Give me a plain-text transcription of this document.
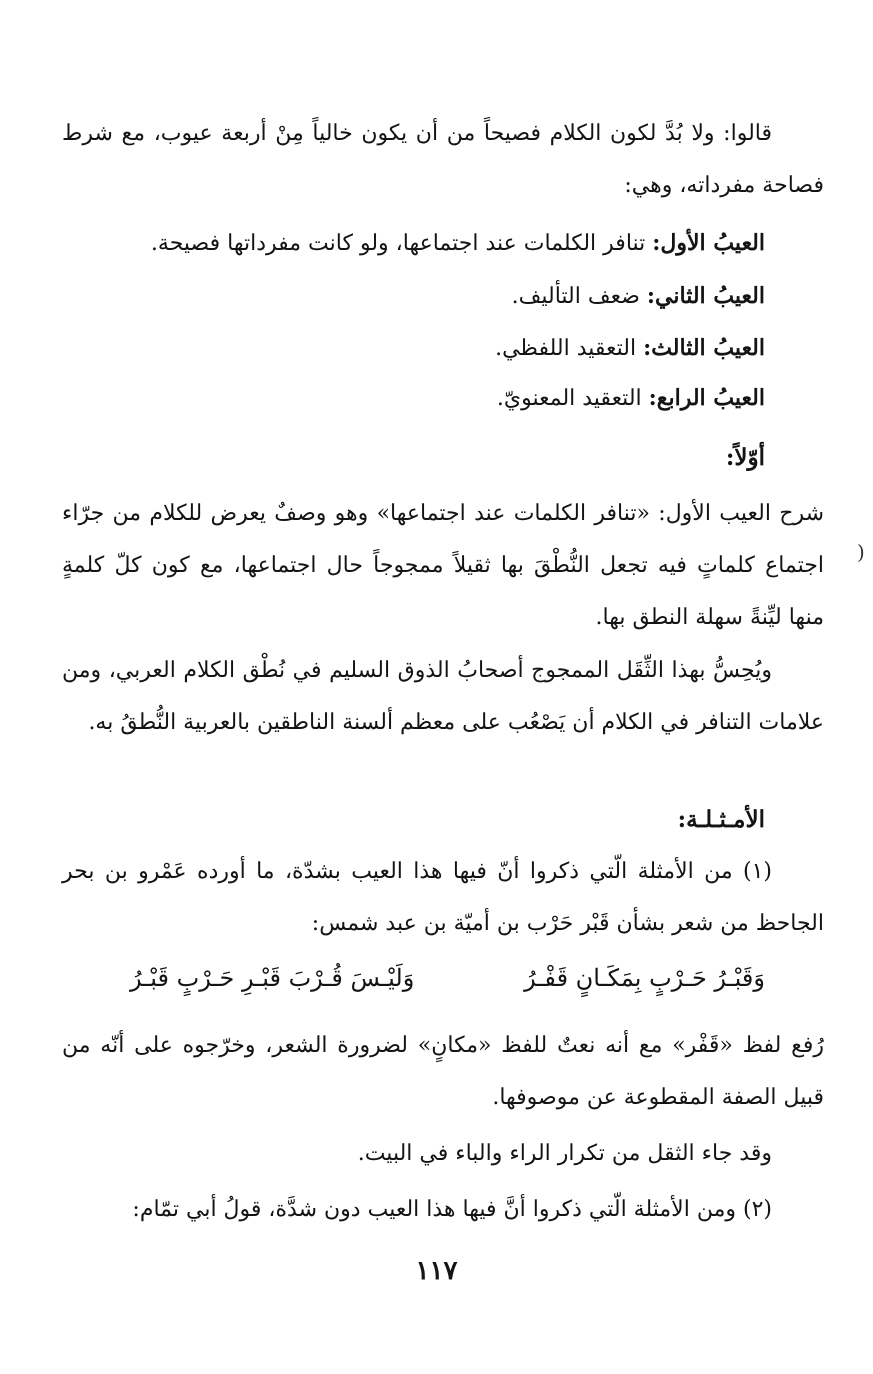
قالوا: ولا بُدَّ لكون الكلام فصيحاً من أن يكون خالياً مِنْ أربعة عيوب، مع شرط فصاحة مفرداته، وهي:
العيبُ الأول: تنافر الكلمات عند اجتماعها، ولو كانت مفرداتها فصيحة.
العيبُ الثاني: ضعف التأليف.
العيبُ الثالث: التعقيد اللفظي.
العيبُ الرابع: التعقيد المعنويّ.
أوّلاً:
شرح العيب الأول: «تنافر الكلمات عند اجتماعها» وهو وصفٌ يعرض للكلام من جرّاء اجتماع كلماتٍ فيه تجعل النُّطْقَ بها ثقيلاً ممجوجاً حال اجتماعها، مع كون كلّ كلمةٍ منها ليِّنةً سهلة النطق بها.
)
ويُحِسُّ بهذا الثِّقَل الممجوج أصحابُ الذوق السليم في نُطْق الكلام العربي، ومن علامات التنافر في الكلام أن يَصْعُب على معظم ألسنة الناطقين بالعربية النُّطقُ به.
الأمـثـلـة:
(١) من الأمثلة الّتي ذكروا أنّ فيها هذا العيب بشدّة، ما أورده عَمْرو بن بحر الجاحظ من شعر بشأن قَبْر حَرْب بن أميّة بن عبد شمس:
وَقَبْـرُ حَـرْبٍ بِمَكَـانٍ قَفْـرُ
وَلَيْـسَ قُـرْبَ قَبْـرِ حَـرْبٍ قَبْـرُ
رُفع لفظ «قَفْر» مع أنه نعتٌ للفظ «مكانٍ» لضرورة الشعر، وخرّجوه على أنّه من قبيل الصفة المقطوعة عن موصوفها.
وقد جاء الثقل من تكرار الراء والباء في البيت.
(٢) ومن الأمثلة الّتي ذكروا أنَّ فيها هذا العيب دون شدَّة، قولُ أبي تمّام:
١١٧
